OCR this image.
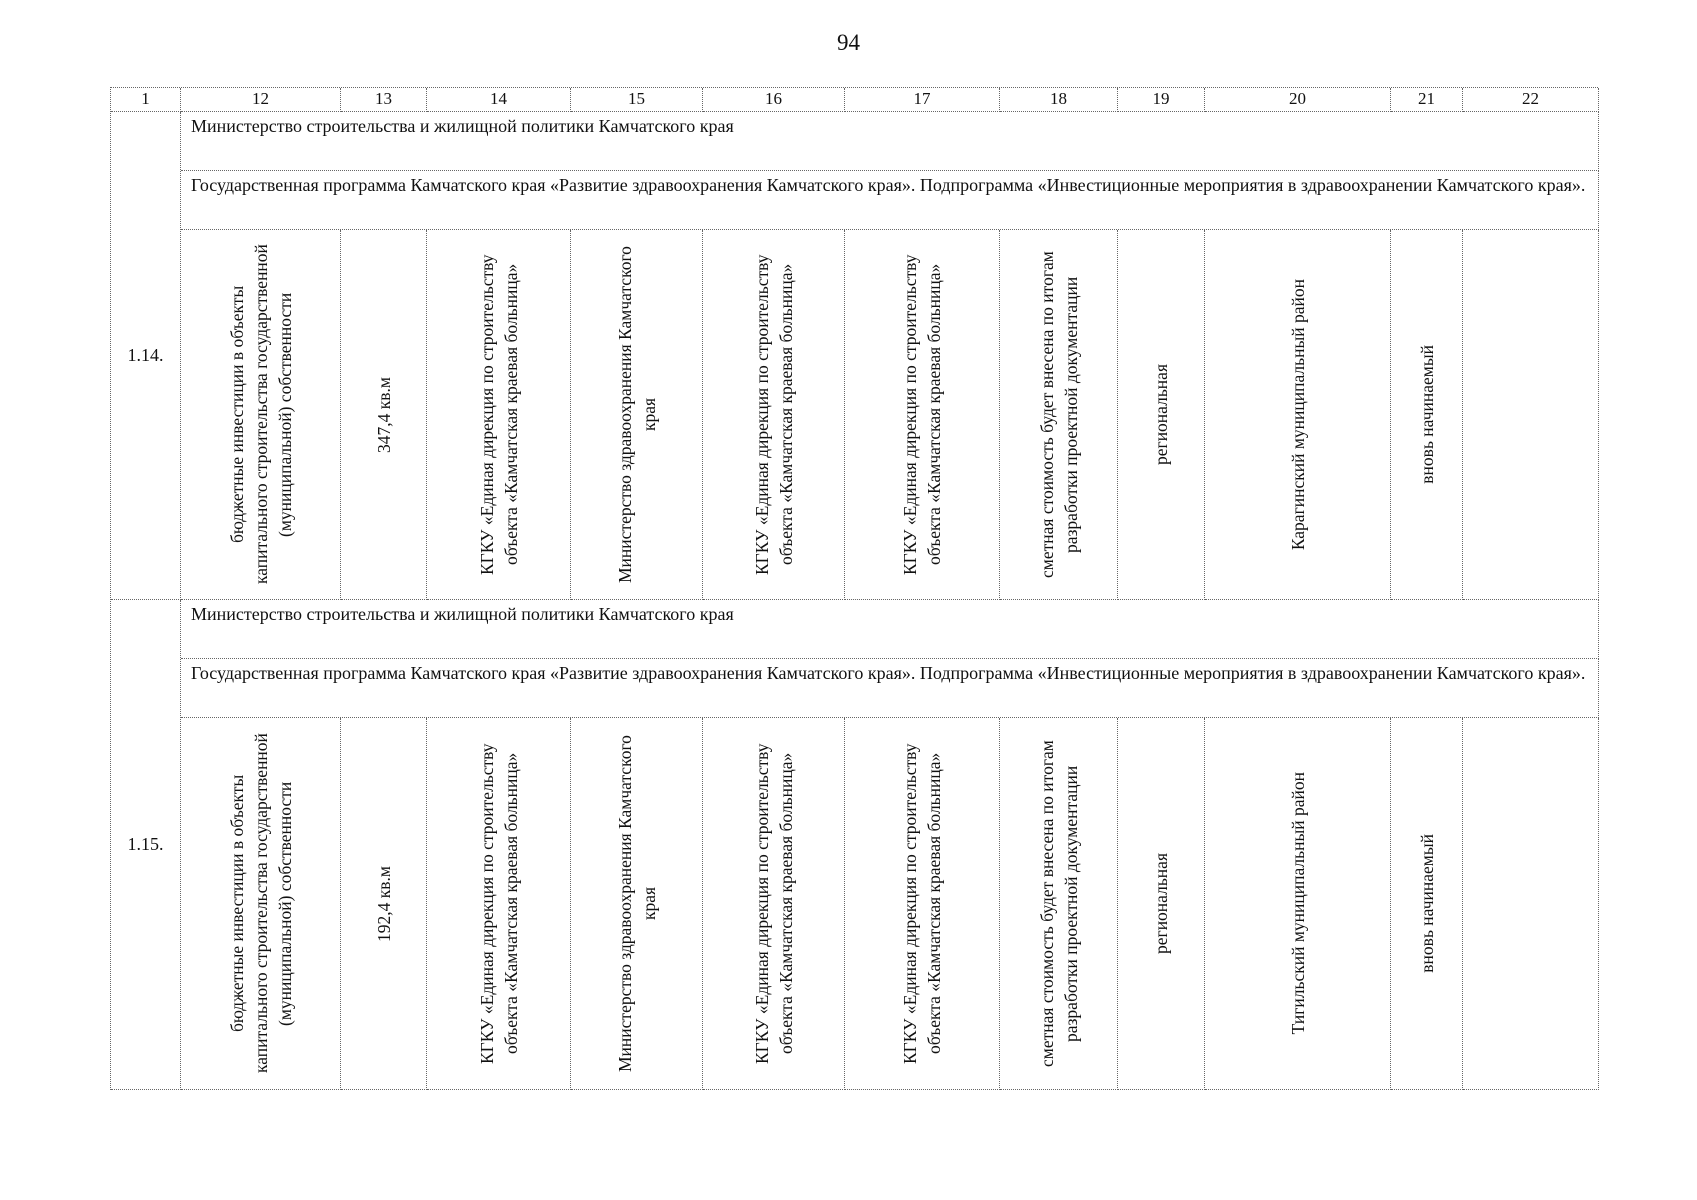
94
1	12	13	14	15	16	17	18	19	20	21	22
1.14.
Министерство строительства и жилищной политики Камчатского края
Государственная программа Камчатского края «Развитие здравоохранения Камчатского края». Подпрограмма «Инвестиционные мероприятия в здравоохранении Камчатского края».
бюджетные инвестиции в объекты капитального строительства государственной (муниципальной) собственности	347,4 кв.м	КГКУ «Единая дирекция по строительству объекта «Камчатская краевая больница»	Министерство здравоохранения Камчатского края	КГКУ «Единая дирекция по строительству объекта «Камчатская краевая больница»	КГКУ «Единая дирекция по строительству объекта «Камчатская краевая больница»	сметная стоимость будет внесена по итогам разработки проектной документации	региональная	Карагинский муниципальный район	вновь начинаемый
1.15.
Министерство строительства и жилищной политики Камчатского края
Государственная программа Камчатского края «Развитие здравоохранения Камчатского края». Подпрограмма «Инвестиционные мероприятия в здравоохранении Камчатского края».
бюджетные инвестиции в объекты капитального строительства государственной (муниципальной) собственности	192,4 кв.м	КГКУ «Единая дирекция по строительству объекта «Камчатская краевая больница»	Министерство здравоохранения Камчатского края	КГКУ «Единая дирекция по строительству объекта «Камчатская краевая больница»	КГКУ «Единая дирекция по строительству объекта «Камчатская краевая больница»	сметная стоимость будет внесена по итогам разработки проектной документации	региональная	Тигильский муниципальный район	вновь начинаемый
